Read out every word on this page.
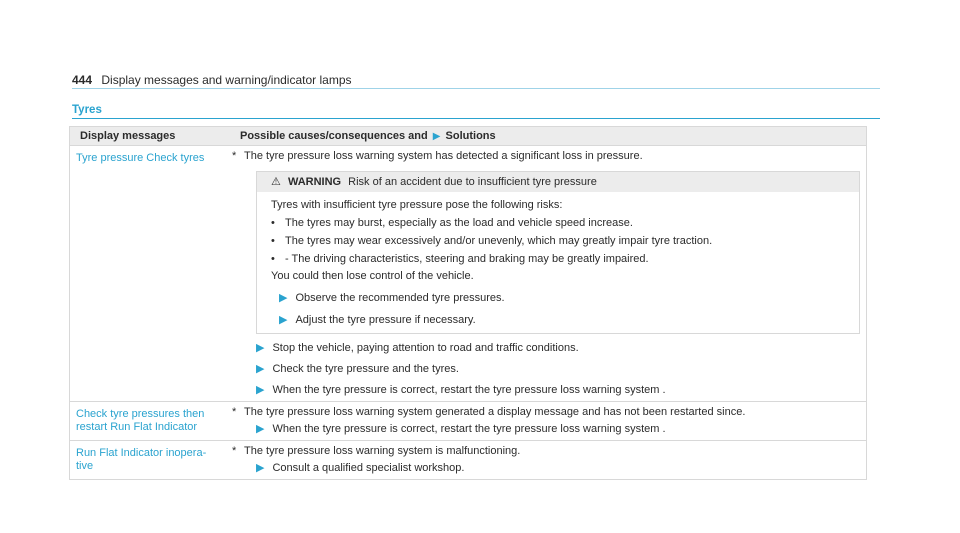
444 Display messages and warning/indicator lamps
Tyres
Display messages	Possible causes/consequences and ▶ Solutions
Tyre pressure Check tyres	* The tyre pressure loss warning system has detected a significant loss in pressure.

⚠ WARNING Risk of an accident due to insufficient tyre pressure

Tyres with insufficient tyre pressure pose the following risks:

• The tyres may burst, especially as the load and vehicle speed increase.
• The tyres may wear excessively and/or unevenly, which may greatly impair tyre traction.
• - The driving characteristics, steering and braking may be greatly impaired.

You could then lose control of the vehicle.

▶ Observe the recommended tyre pressures.
▶ Adjust the tyre pressure if necessary.
▶ Stop the vehicle, paying attention to road and traffic conditions.
▶ Check the tyre pressure and the tyres.
▶ When the tyre pressure is correct, restart the tyre pressure loss warning system .
Check tyre pressures then
restart Run Flat Indicator

* The tyre pressure loss warning system generated a display message and has not been restarted since.

▶ When the tyre pressure is correct, restart the tyre pressure loss warning system .
Run Flat Indicator inopera-
tive

* The tyre pressure loss warning system is malfunctioning.

▶ Consult a qualified specialist workshop.
